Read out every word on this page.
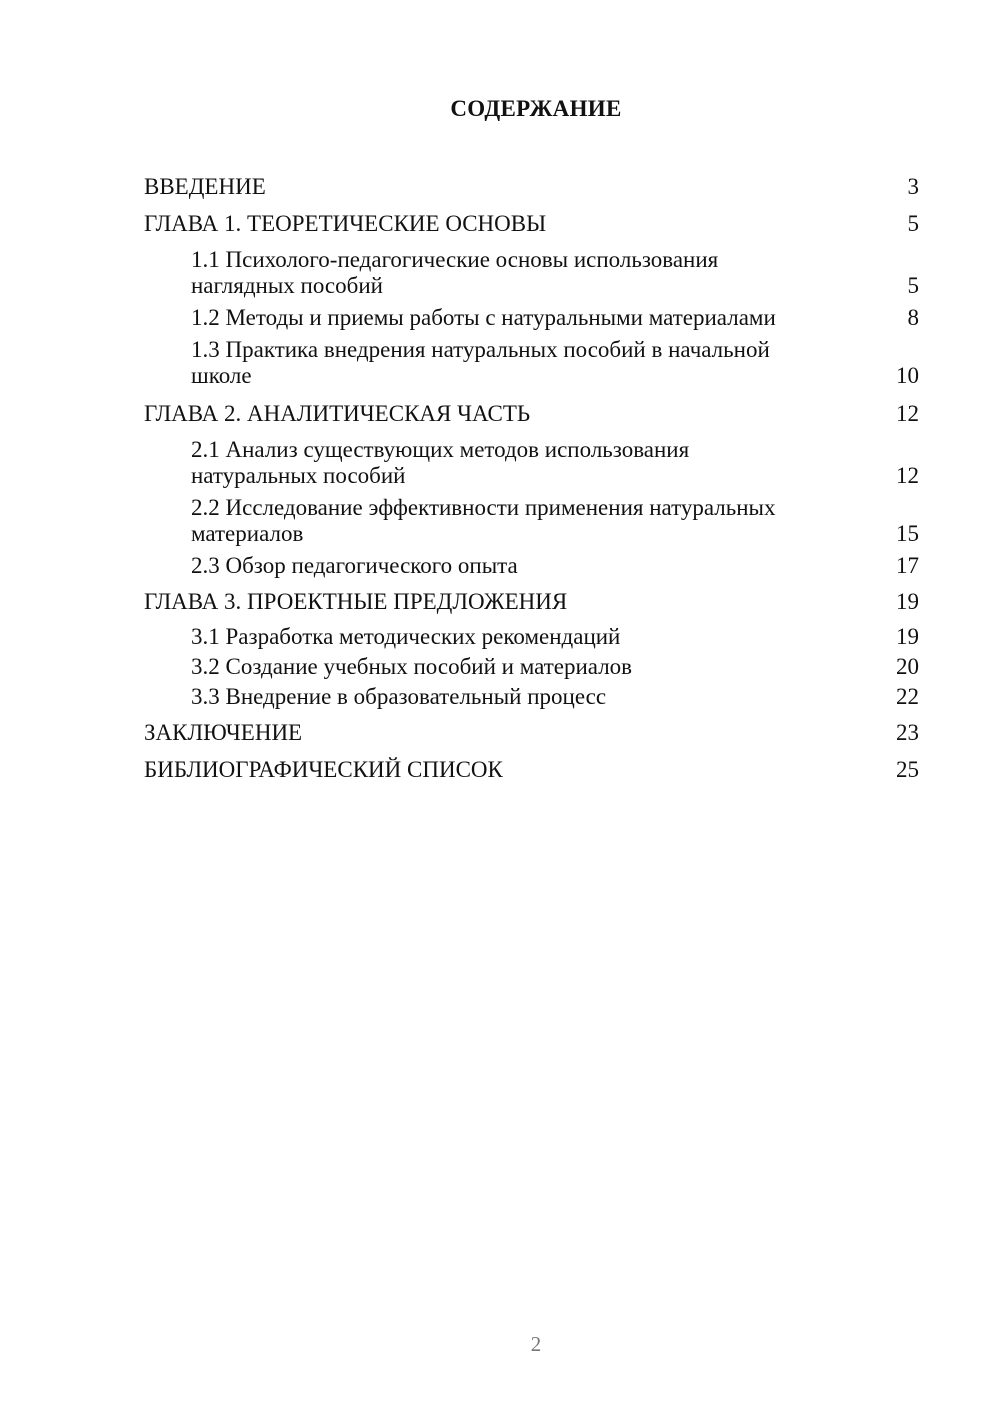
СОДЕРЖАНИЕ
ВВЕДЕНИЕ	3
ГЛАВА 1. ТЕОРЕТИЧЕСКИЕ ОСНОВЫ	5
1.1 Психолого-педагогические основы использования наглядных пособий	5
1.2 Методы и приемы работы с натуральными материалами	8
1.3 Практика внедрения натуральных пособий в начальной школе	10
ГЛАВА 2. АНАЛИТИЧЕСКАЯ ЧАСТЬ	12
2.1 Анализ существующих методов использования натуральных пособий	12
2.2 Исследование эффективности применения натуральных материалов	15
2.3 Обзор педагогического опыта	17
ГЛАВА 3. ПРОЕКТНЫЕ ПРЕДЛОЖЕНИЯ	19
3.1 Разработка методических рекомендаций	19
3.2 Создание учебных пособий и материалов	20
3.3 Внедрение в образовательный процесс	22
ЗАКЛЮЧЕНИЕ	23
БИБЛИОГРАФИЧЕСКИЙ СПИСОК	25
2
